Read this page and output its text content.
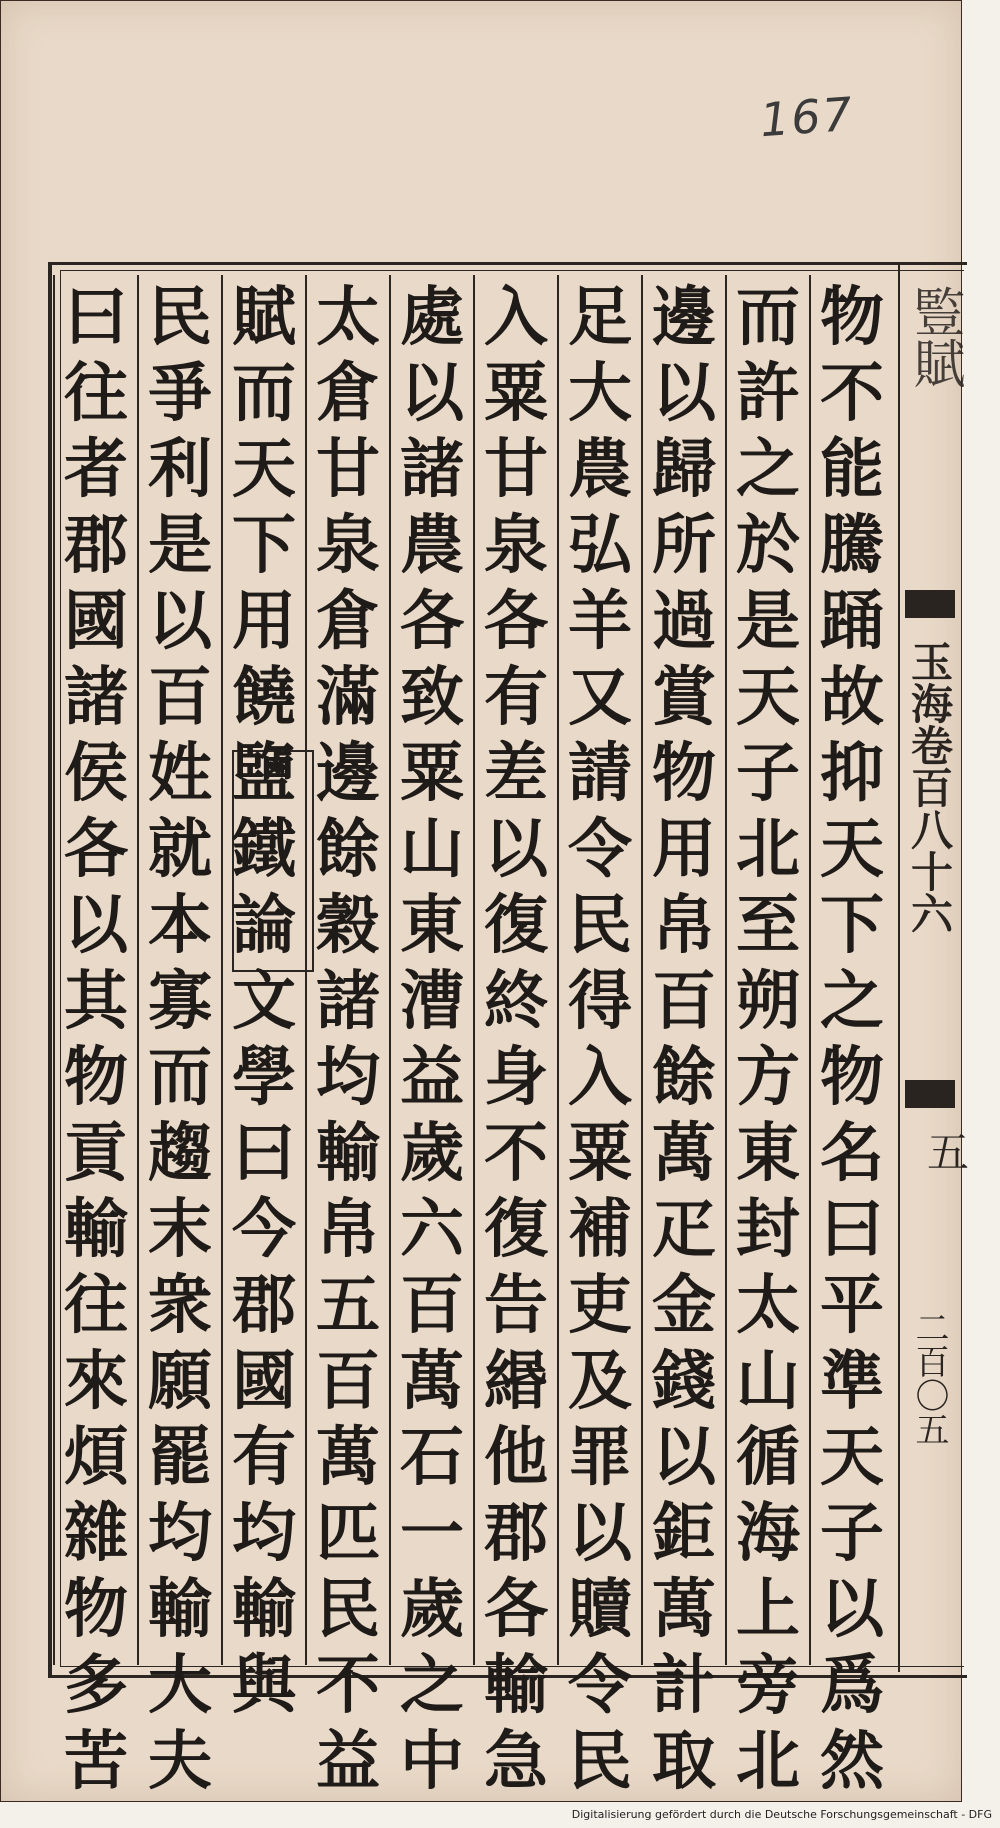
167
䜿賦
玉海卷百八十六
五
二百〇五
物
不
能
騰
踊
故
抑
天
下
之
物
名
曰
平
準
天
子
以
爲
然
而
許
之
於
是
天
子
北
至
朔
方
東
封
太
山
循
海
上
旁
北
邊
以
歸
所
過
賞
物
用
帛
百
餘
萬
疋
金
錢
以
鉅
萬
計
取
足
大
農
弘
羊
又
請
令
民
得
入
粟
補
吏
及
罪
以
贖
令
民
入
粟
甘
泉
各
有
差
以
復
終
身
不
復
告
緡
他
郡
各
輸
急
處
以
諸
農
各
致
粟
山
東
漕
益
歲
六
百
萬
石
一
歲
之
中
太
倉
甘
泉
倉
滿
邊
餘
穀
諸
均
輸
帛
五
百
萬
匹
民
不
益
賦
而
天
下
用
饒
鹽
鐵
論
文
學
曰
今
郡
國
有
均
輸
與
民
爭
利
是
以
百
姓
就
本
寡
而
趨
末
衆
願
罷
均
輸
大
夫
曰
往
者
郡
國
諸
侯
各
以
其
物
貢
輸
往
來
煩
雜
物
多
苦
Digitalisierung gefördert durch die Deutsche Forschungsgemeinschaft - DFG
